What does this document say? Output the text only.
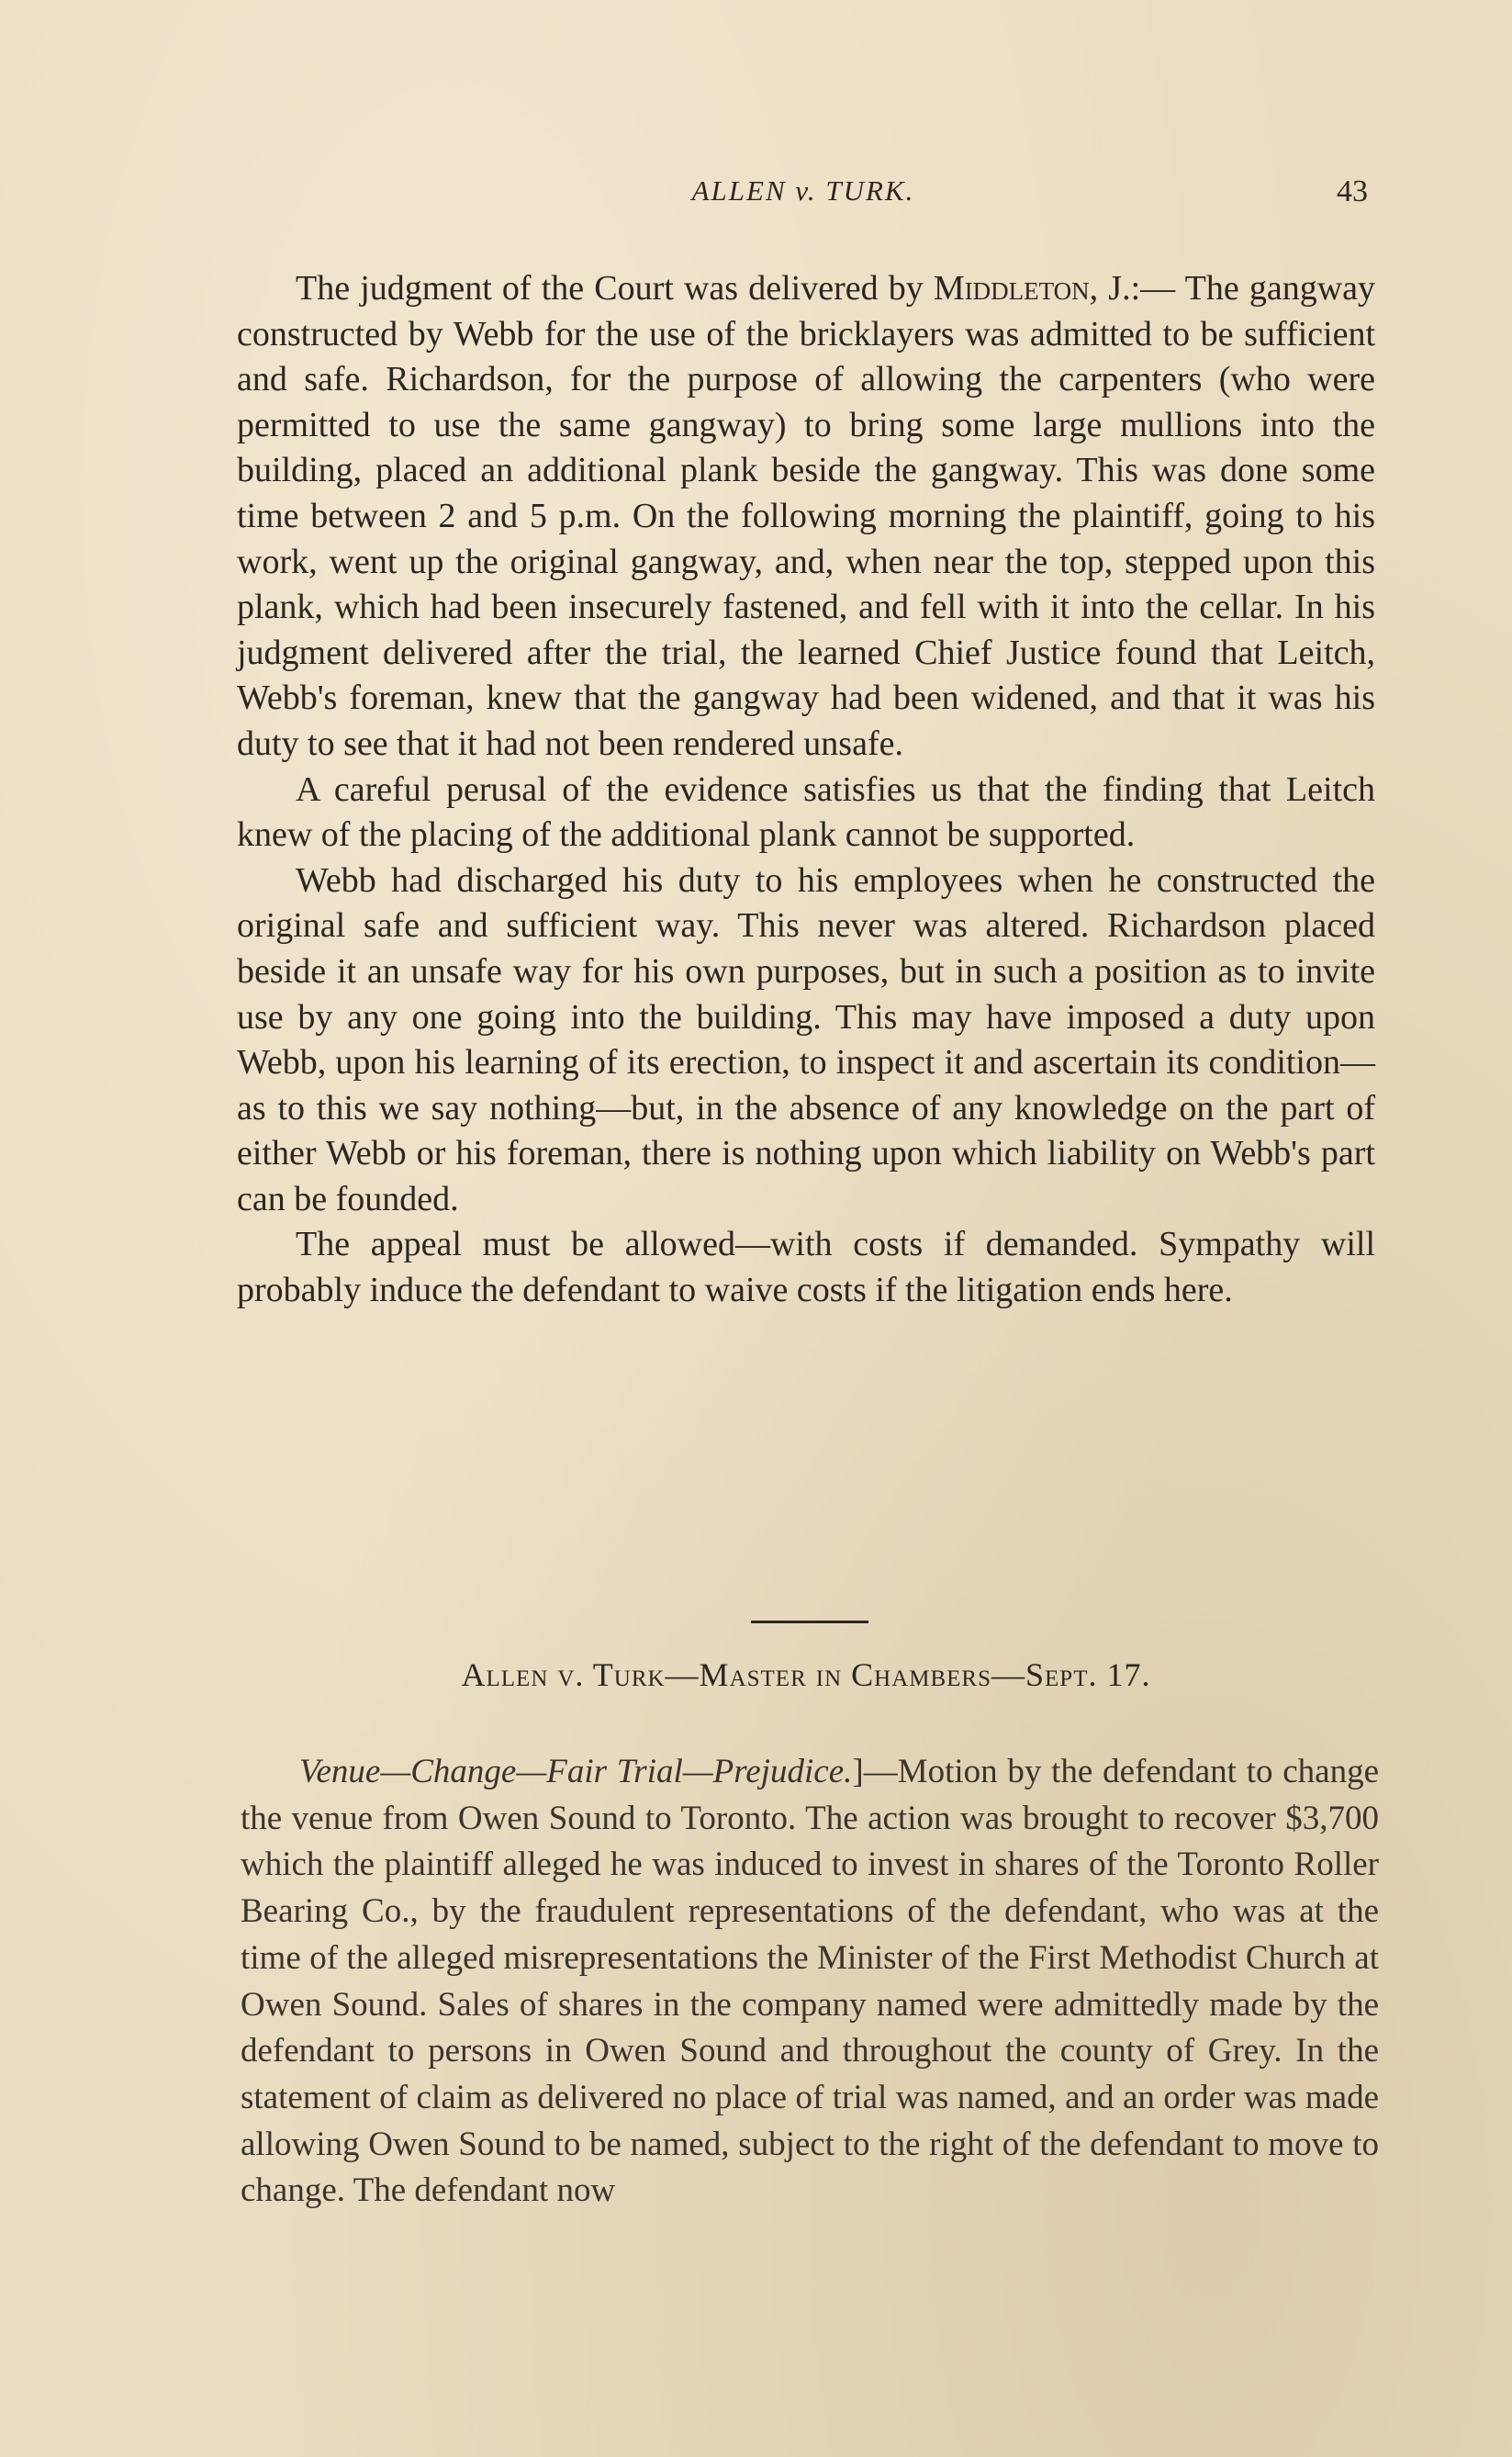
ALLEN v. TURK.	43

The judgment of the Court was delivered by Middleton, J.:— The gangway constructed by Webb for the use of the bricklayers was admitted to be sufficient and safe. Richardson, for the purpose of allowing the carpenters (who were permitted to use the same gangway) to bring some large mullions into the building, placed an additional plank beside the gangway. This was done some time between 2 and 5 p.m. On the following morning the plaintiff, going to his work, went up the original gangway, and, when near the top, stepped upon this plank, which had been insecurely fastened, and fell with it into the cellar. In his judgment delivered after the trial, the learned Chief Justice found that Leitch, Webb's foreman, knew that the gangway had been widened, and that it was his duty to see that it had not been rendered unsafe.

A careful perusal of the evidence satisfies us that the finding that Leitch knew of the placing of the additional plank cannot be supported.

Webb had discharged his duty to his employees when he constructed the original safe and sufficient way. This never was altered. Richardson placed beside it an unsafe way for his own purposes, but in such a position as to invite use by any one going into the building. This may have imposed a duty upon Webb, upon his learning of its erection, to inspect it and ascertain its condition—as to this we say nothing—but, in the absence of any knowledge on the part of either Webb or his foreman, there is nothing upon which liability on Webb's part can be founded.

The appeal must be allowed—with costs if demanded. Sympathy will probably induce the defendant to waive costs if the litigation ends here.

Allen v. Turk—Master in Chambers—Sept. 17.

Venue—Change—Fair Trial—Prejudice.]—Motion by the defendant to change the venue from Owen Sound to Toronto. The action was brought to recover $3,700 which the plaintiff alleged he was induced to invest in shares of the Toronto Roller Bearing Co., by the fraudulent representations of the defendant, who was at the time of the alleged misrepresentations the Minister of the First Methodist Church at Owen Sound. Sales of shares in the company named were admittedly made by the defendant to persons in Owen Sound and throughout the county of Grey. In the statement of claim as delivered no place of trial was named, and an order was made allowing Owen Sound to be named, subject to the right of the defendant to move to change. The defendant now
